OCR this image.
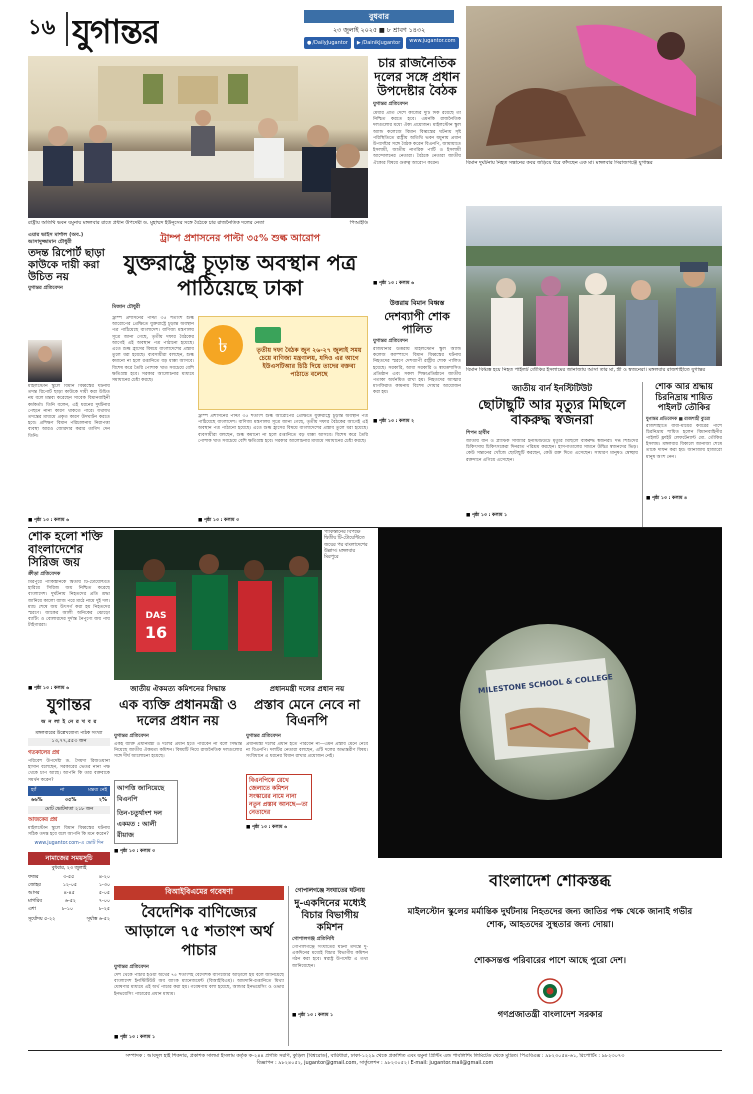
১৬ যুগান্তর	বুধবার
২৩ জুলাই ২০২৫ ■ ৮ শ্রাবণ ১৪৩২
● /DailyJugantor ▶ /DainikJugantor	www.jugantor.com
রাষ্ট্রীয় অতিথি ভবন যমুনায় মঙ্গলবার রাতে প্রধান উপদেষ্টা ড. মুহাম্মদ ইউনূসের সঙ্গে বৈঠকে চার রাজনৈতিক দলের নেতা	পিআইডি
চার রাজনৈতিক দলের সঙ্গে প্রধান উপদেষ্টার বৈঠক
যুগান্তর প্রতিবেদন
মেধার প্রতি দেশে কাজের দুটি দিক রয়েছে তা নিশ্চিত করতে হবে। এমনকি রাজনৈতিক দলগুলোর মধ্যে ঐক্য প্রয়োজন। মাইলস্টোন স্কুল অ্যান্ড কলেজে বিমান বিধ্বস্তের ঘটনায় সৃষ্ট পরিস্থিতিতে রাষ্ট্রীয় অতিথি ভবন যমুনায় প্রধান উপদেষ্টার সঙ্গে বৈঠক করেন বিএনপি, জামায়াতে ইসলামী, জাতীয় নাগরিক পার্টি ও ইসলামী আন্দোলনের নেতারা। বৈঠকে নেতারা জাতীয় ঐক্যের বিষয়ে গুরুত্ব আরোপ করেন।
■ পৃষ্ঠা ১৩ : কলাম ৬
বিমান দুর্ঘটনায় নিহত সন্তানের কবর জড়িয়ে ধরে কাঁদছেন এক মা। মঙ্গলবার সিরাজগঞ্জে যুগান্তর
বিমান বিধ্বস্ত হয়ে নিহত পাইলট তৌকির ইসলামের জানাজায় আসা তার মা, স্ত্রী ও স্বজনেরা। মঙ্গলবার রাজশাহীতে যুগান্তর
এয়ার ভাইস মার্শাল (অব.) আসাদুজ্জামান চৌধুরী
তদন্ত রিপোর্ট ছাড়া কাউকে দায়ী করা উচিত নয়
যুগান্তর প্রতিবেদন
মাইলস্টোন স্কুলে বিমান বিধ্বস্তের ঘটনায় তদন্ত রিপোর্ট ছাড়া কাউকে দায়ী করা উচিত নয় বলে মন্তব্য করেছেন সাবেক বিমানবাহিনী কর্মকর্তা। তিনি বলেন, এই ধরনের দুর্ঘটনার পেছনে নানা কারণ থাকতে পারে। যথাযথ তদন্তের মাধ্যমে প্রকৃত কারণ উদঘাটন করতে হবে। প্রশিক্ষণ বিমান পরিচালনায় নিরাপত্তা ব্যবস্থা আরও জোরদার করার তাগিদ দেন তিনি।
■ পৃষ্ঠা ১৩ : কলাম ৬
ট্রাম্প প্রশাসনের পাল্টা ৩৫% শুল্ক আরোপ
যুক্তরাষ্ট্রে চূড়ান্ত অবস্থান পত্র পাঠিয়েছে ঢাকা
মিজান চৌধুরী
ট্রাম্প প্রশাসনের পাল্টা ৩৫ শতাংশ শুল্ক আরোপের প্রেক্ষিতে যুক্তরাষ্ট্রে চূড়ান্ত অবস্থান পত্র পাঠিয়েছে বাংলাদেশ। বাণিজ্য মন্ত্রণালয় সূত্রে জানা গেছে, তৃতীয় দফার বৈঠকের আগেই এই অবস্থান পত্র পাঠানো হয়েছে। এতে শুল্ক হ্রাসের বিষয়ে বাংলাদেশের প্রস্তাব তুলে ধরা হয়েছে। ব্যবসায়ীরা বলছেন, শুল্ক কমানো না হলে রপ্তানিতে বড় ধাক্কা আসবে। বিশেষ করে তৈরি পোশাক খাত সবচেয়ে বেশি ক্ষতিগ্রস্ত হবে। সরকার আলোচনার মাধ্যমে সমাধানের চেষ্টা করছে।
৳	তৃতীয় দফা বৈঠক জুন ২৬-২৭ জুলাই সময় চেয়ে বাণিজ্য মন্ত্রণালয়, যদিও এর আগে ইউএসটিআর চিঠি দিয়ে তাদের বক্তব্য পাঠাতে বলেছে
ট্রাম্প প্রশাসনের পাল্টা ৩৫ শতাংশ শুল্ক আরোপের প্রেক্ষিতে যুক্তরাষ্ট্রে চূড়ান্ত অবস্থান পত্র পাঠিয়েছে বাংলাদেশ। বাণিজ্য মন্ত্রণালয় সূত্রে জানা গেছে, তৃতীয় দফার বৈঠকের আগেই এই অবস্থান পত্র পাঠানো হয়েছে। এতে শুল্ক হ্রাসের বিষয়ে বাংলাদেশের প্রস্তাব তুলে ধরা হয়েছে। ব্যবসায়ীরা বলছেন, শুল্ক কমানো না হলে রপ্তানিতে বড় ধাক্কা আসবে। বিশেষ করে তৈরি পোশাক খাত সবচেয়ে বেশি ক্ষতিগ্রস্ত হবে। সরকার আলোচনার মাধ্যমে সমাধানের চেষ্টা করছে।
■ পৃষ্ঠা ১৩ : কলাম ৩
উত্তরায় বিমান বিধ্বস্ত
দেশব্যাপী শোক পালিত
যুগান্তর প্রতিবেদন
রাজধানীর উত্তরায় মাইলস্টোন স্কুল অ্যান্ড কলেজ ক্যাম্পাসে বিমান বিধ্বস্তের ঘটনায় নিহতদের স্মরণে দেশব্যাপী রাষ্ট্রীয় শোক পালিত হয়েছে। সরকারি, আধা সরকারি ও স্বায়ত্তশাসিত প্রতিষ্ঠান এবং সকল শিক্ষাপ্রতিষ্ঠানে জাতীয় পতাকা অর্ধনমিত রাখা হয়। নিহতদের আত্মার মাগফিরাত কামনায় বিশেষ দোয়ার আয়োজন করা হয়।
■ পৃষ্ঠা ১৩ : কলাম ২
জাতীয় বার্ন ইনস্টিটিউট
ছোটাছুটি আর মৃত্যুর মিছিলে বাকরুদ্ধ স্বজনরা
শিপন হাবীব
জাতীয় বার্ন ও প্লাস্টিক সার্জারি ইনস্টিটিউটে মৃত্যুর মিছিলে বাকরুদ্ধ স্বজনরা। দগ্ধ শিশুদের চিকিৎসায় চিকিৎসকেরা দিনরাত পরিশ্রম করছেন। হাসপাতালের সামনে উদ্বিগ্ন স্বজনদের ভিড়। কেউ সন্তানের খোঁজে ছোটাছুটি করছেন, কেউ রক্ত দিতে এসেছেন। সাধারণ মানুষও স্বেচ্ছায় রক্তদানে এগিয়ে এসেছেন।
■ পৃষ্ঠা ১৩ : কলাম ১
শোক আর শ্রদ্ধায় চিরনিদ্রায় শায়িত পাইলট তৌকির
যুগান্তর প্রতিবেদক ■ রাজশাহী ব্যুরো
রাজশাহীতে বাবা-মায়ের কবরের পাশে চিরনিদ্রায় শায়িত হলেন বিমানবাহিনীর পাইলট ফ্লাইট লেফটেন্যান্ট মো. তৌকির ইসলাম। মঙ্গলবার বিকালে জানাজা শেষে তাকে দাফন করা হয়। জানাজায় হাজারো মানুষ অংশ নেন।
■ পৃষ্ঠা ১৩ : কলাম ৪
শোক হলো শক্তি বাংলাদেশের সিরিজ জয়
ক্রীড়া প্রতিবেদক
মিরপুরে পাকিস্তানকে দ্বিতীয় টি-টোয়েন্টিতে হারিয়ে সিরিজ জয় নিশ্চিত করেছে বাংলাদেশ। দুর্ঘটনায় নিহতদের প্রতি শ্রদ্ধা জানিয়ে কালো ব্যাজ পরে মাঠে নামে দুই দল। ম্যাচ শেষে জয় উৎসর্গ করা হয় নিহতদের স্মরণে। জাকের আলী অনিকের ঝোড়ো ব্যাটিং ও বোলারদের দুর্দান্ত নৈপুণ্যে জয় পায় টাইগাররা।
■ পৃষ্ঠা ১৩ : কলাম ৬
DAS
16
পাকিস্তানের বিপক্ষে দ্বিতীয় টি-টোয়েন্টিতে জয়ের পর বাংলাদেশের উল্লাস। মঙ্গলবার মিরপুরে
জাতীয় ঐকমত্য কমিশনের সিদ্ধান্ত
এক ব্যক্তি প্রধানমন্ত্রী ও দলের প্রধান নয়
যুগান্তর প্রতিবেদন
একই ব্যক্তি প্রধানমন্ত্রী ও দলের প্রধান হতে পারবেন না বলে সিদ্ধান্ত নিয়েছে জাতীয় ঐকমত্য কমিশন। বিষয়টি নিয়ে রাজনৈতিক দলগুলোর সঙ্গে দীর্ঘ আলোচনা হয়েছে।
আপত্তি জানিয়েছে বিএনপি
তিন-চতুর্থাংশ দল একমত : আলী রীয়াজ
■ পৃষ্ঠা ১৩ : কলাম ৩
প্রধানমন্ত্রী দলের প্রধান নয়
প্রস্তাব মেনে নেবে না বিএনপি
যুগান্তর প্রতিবেদন
প্রধানমন্ত্রী দলের প্রধান হতে পারবেন না—এমন প্রস্তাব মেনে নেবে না বিএনপি। দলটির নেতারা বলছেন, এটি দলের অভ্যন্তরীণ বিষয়। সংবিধানে এ ধরনের বিধান রাখার প্রয়োজন নেই।
বিএনপিকে রেখে জেলাতে কমিশন সংস্কারের নামে নানা নতুন প্রস্তাব আনছে—তা নেতাদের
■ পৃষ্ঠা ১৩ : কলাম ৬
যুগান্তর
অ ন লা ই নে র খ ব র
মঙ্গলবারের উল্লেখযোগ্য পাঠক সংখ্যা
১৩,৭৭,৫৫৩ জন
গতকালের প্রশ্ন
পরিবেশ উপদেষ্টা ড. সৈয়দা রিজওয়ানা হাসান বলেছেন, সরকারের ভেতর নানা পক্ষ থেকে চাপ আছে। আপনি কি তার বক্তব্যকে সমর্থন করেন?
হ্যাঁ	না	মন্তব্য নেই
৬৬%	৩৫%	২%
মোট ভোটদাতা ২১৮ জন
আজকের প্রশ্ন
মাইলস্টোন স্কুলে বিমান বিধ্বস্তের ঘটনায় সঠিক তদন্ত হবে বলে আপনি কি মনে করেন?
www.jugantor.com-এ ভোট দিন
নামাজের সময়সূচি
বুধবার, ২৩ জুলাই
ফজর	৩-৫৫	৪-২০
জোহর	১২-০৫	১-৩০
আসর	৪-৪৫	৫-০৫
মাগরিব	৬-৫২	৭-০০
এশা	৮-১০	৮-২৫
সূর্যোদয় ৫-২২	সূর্যাস্ত ৬-৫২
বিআইবিএমের গবেষণা
বৈদেশিক বাণিজ্যের আড়ালে ৭৫ শতাংশ অর্থ পাচার
যুগান্তর প্রতিবেদন
দেশ থেকে পাচার হওয়া অর্থের ৭৫ শতাংশই বৈদেশিক বাণিজ্যের আড়ালে হয় বলে জানিয়েছে বাংলাদেশ ইনস্টিটিউট অব ব্যাংক ম্যানেজমেন্ট (বিআইবিএম)। আমদানি-রপ্তানিতে মিথ্যা ঘোষণার মাধ্যমে এই অর্থ পাচার করা হয়। গবেষণায় বলা হয়েছে, আন্ডার ইনভয়েসিং ও ওভার ইনভয়েসিং পাচারের প্রধান মাধ্যম।
■ পৃষ্ঠা ১৩ : কলাম ১
গোপালগঞ্জে সংঘাতের ঘটনায়
দু-একদিনের মধ্যেই বিচার বিভাগীয় কমিশন
গোপালগঞ্জ প্রতিনিধি
গোপালগঞ্জে সংঘাতের ঘটনা তদন্তে দু-একদিনের মধ্যেই বিচার বিভাগীয় কমিশন গঠন করা হবে। স্বরাষ্ট্র উপদেষ্টা এ তথ্য জানিয়েছেন।
■ পৃষ্ঠা ১৩ : কলাম ১
MILESTONE SCHOOL & COLLEGE
বাংলাদেশ শোকস্তব্ধ
মাইলস্টোন স্কুলের মর্মান্তিক দুর্ঘটনায় নিহতদের জন্য জাতির পক্ষ থেকে জানাই গভীর শোক, আহতদের সুস্থতার জন্য দোয়া।
শোকসন্তপ্ত পরিবারের পাশে আছে পুরো দেশ।
গণপ্রজাতন্ত্রী বাংলাদেশ সরকার
সম্পাদক : আবদুল হাই শিকদার, প্রকাশক সালমা ইসলাম কর্তৃক ক-২৪৪ প্রগতি সরণি, কুড়িল (বিশ্বরোড), বারিধারা, ঢাকা-১২২৯ থেকে প্রকাশিত এবং যমুনা প্রিন্টিং এন্ড পাবলিশিং লিমিটেড থেকে মুদ্রিত। পিএবিএক্স : ৯৮২৩০৫৪-৬১, রিপোর্টিং : ৯৮২৩০৭৩
বিজ্ঞাপন : ৯৮২৪০৫২, jugantor@gmail.com, সার্কুলেশন : ৯৮২৩০৫২। E-mail: jugantor.mail@gmail.com
